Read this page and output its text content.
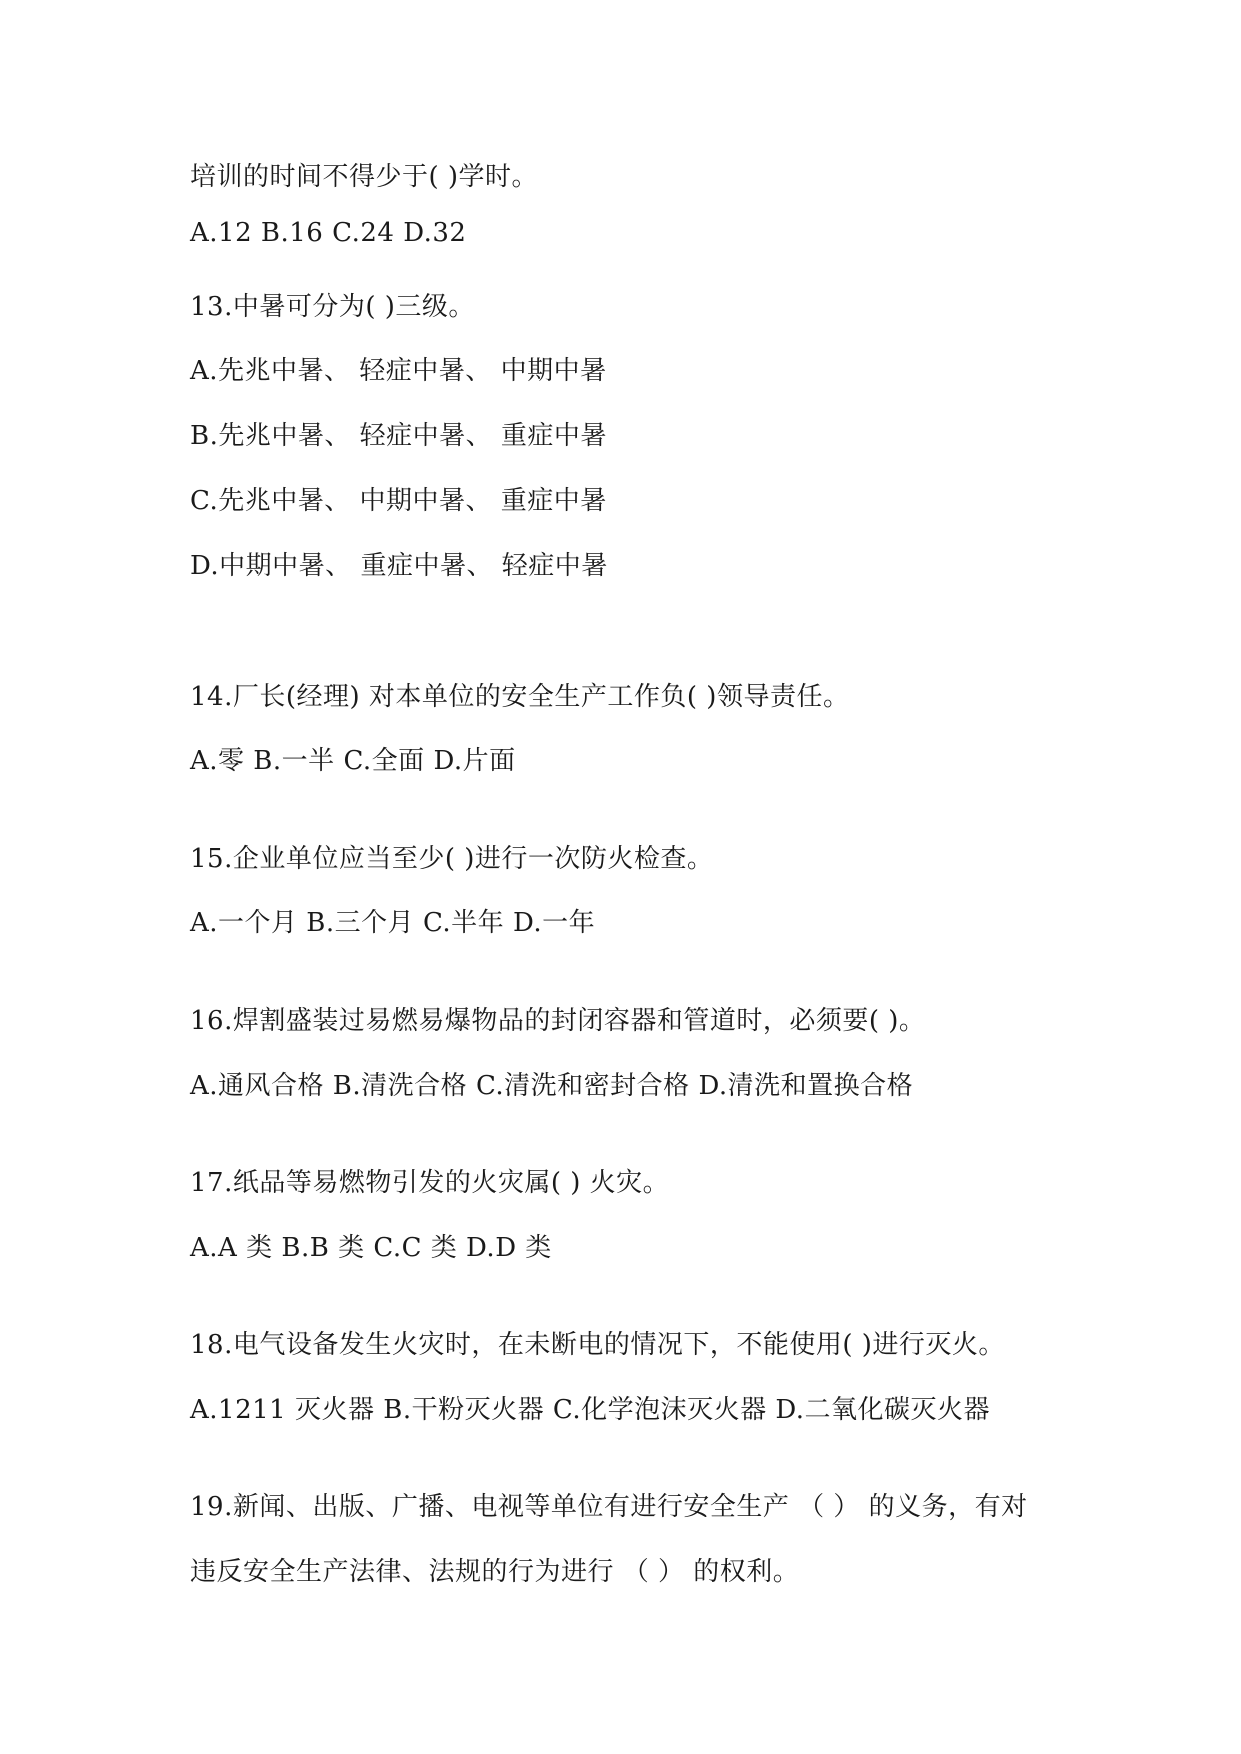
培训的时间不得少于( )学时。
A.12 B.16 C.24 D.32
13.中暑可分为( )三级。
A.先兆中暑、 轻症中暑、 中期中暑
B.先兆中暑、 轻症中暑、 重症中暑
C.先兆中暑、 中期中暑、 重症中暑
D.中期中暑、 重症中暑、 轻症中暑
14.厂长(经理) 对本单位的安全生产工作负( )领导责任。
A.零 B.一半 C.全面 D.片面
15.企业单位应当至少( )进行一次防火检查。
A.一个月 B.三个月 C.半年 D.一年
16.焊割盛装过易燃易爆物品的封闭容器和管道时，必须要( )。
A.通风合格 B.清洗合格 C.清洗和密封合格 D.清洗和置换合格
17.纸品等易燃物引发的火灾属( ) 火灾。
A.A 类 B.B 类 C.C 类 D.D 类
18.电气设备发生火灾时，在未断电的情况下，不能使用( )进行灭火。
A.1211 灭火器 B.干粉灭火器 C.化学泡沫灭火器 D.二氧化碳灭火器
19.新闻、出版、广播、电视等单位有进行安全生产 （ ） 的义务，有对
违反安全生产法律、法规的行为进行 （ ） 的权利。
